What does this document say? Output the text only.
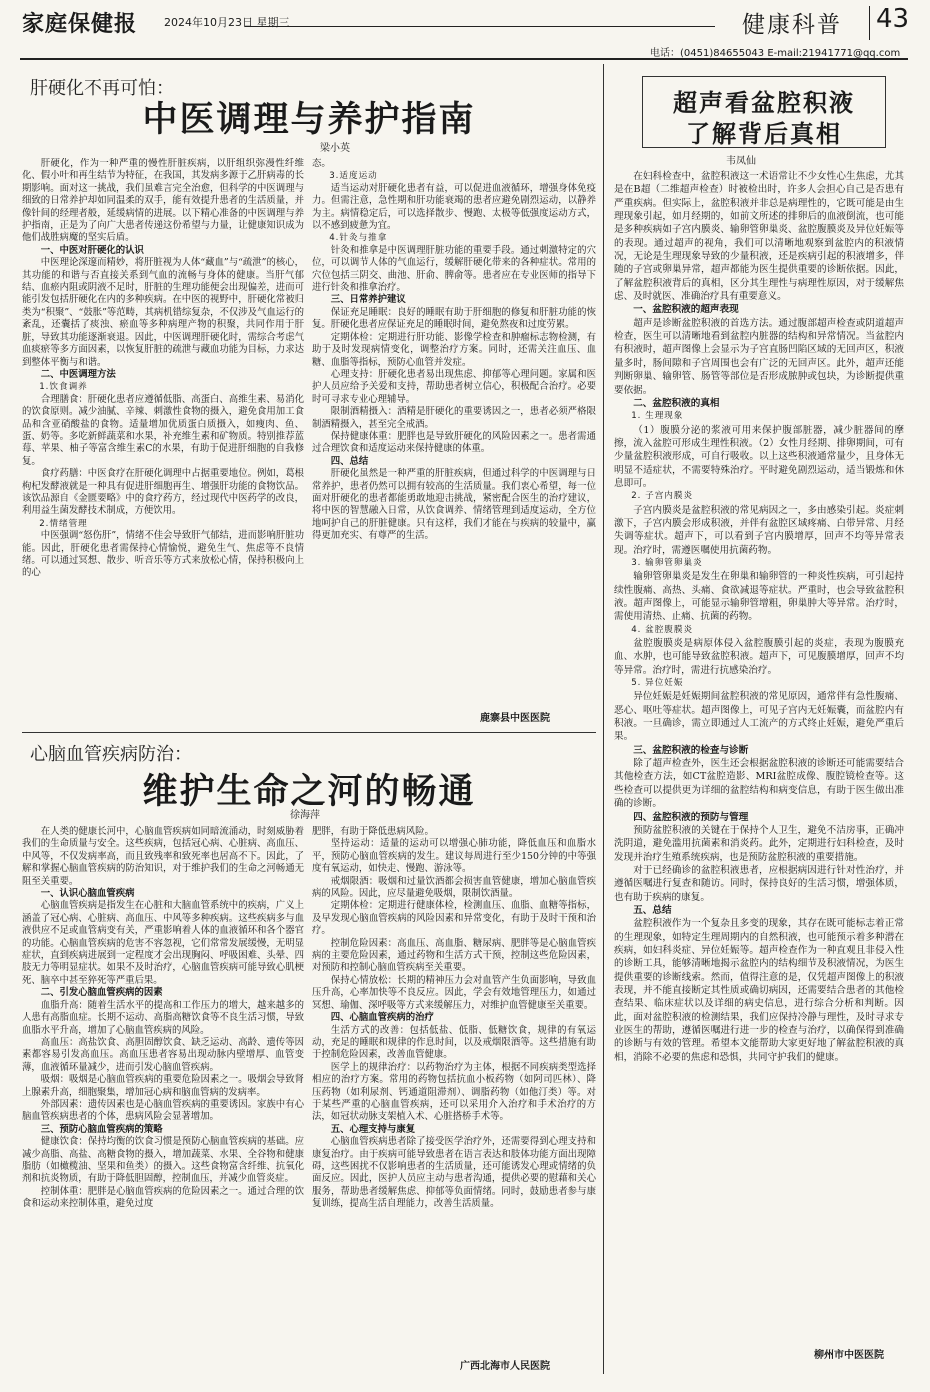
家庭保健报 2024年10月23日 星期三	健康科普 43
电话：(0451)84655043 E-mail:21941771@qq.com
肝硬化不再可怕：
中医调理与养护指南
梁小英

肝硬化，作为一种严重的慢性肝脏疾病，以肝组织弥漫性纤维化、假小叶和再生结节为特征，在我国，其发病多源于乙肝病毒的长期影响。面对这一挑战，我们虽难言完全治愈，但科学的中医调理与细致的日常养护却如同温柔的双手，能有效提升患者的生活质量，并像针间的经理者般，延缓病情的进展。以下精心准备的中医调理与养护指南，正是为了向广大患者传递这份希望与力量，让健康知识成为他们战胜病魔的坚实后盾。

一、中医对肝硬化的认识

中医理论深邃而精妙，将肝脏视为人体“藏血”与“疏泄”的核心，其功能的和谐与否直接关系到气血的流畅与身体的健康。当肝气郁结、血瘀内阻或阴液不足时，肝脏的生理功能便会出现偏差，进而可能引发包括肝硬化在内的多种疾病。在中医的视野中，肝硬化常被归类为“积聚”、“鼓胀”等范畴，其病机错综复杂，不仅涉及气血运行的紊乱，还囊括了痰浊、瘀血等多种病理产物的积聚，共同作用于肝脏，导致其功能逐渐衰退。因此，中医调理肝硬化时，需综合考虑气血痰瘀等多方面因素，以恢复肝脏的疏泄与藏血功能为目标，力求达到整体平衡与和谐。

二、中医调理方法

1.饮食调养

合理膳食：肝硬化患者应遵循低脂、高蛋白、高维生素、易消化的饮食原则。减少油腻、辛辣、刺激性食物的摄入，避免食用加工食品和含亚硝酸盐的食物。适量增加优质蛋白质摄入，如瘦肉、鱼、蛋、奶等。多吃新鲜蔬菜和水果，补充维生素和矿物质。特别推荐蓝莓、苹果、柚子等富含维生素C的水果，有助于促进肝细胞的自我修复。

食疗药膳：中医食疗在肝硬化调理中占据重要地位。例如，葛根枸杞发酵液就是一种具有促进肝细胞再生、增强肝功能的食物饮品。该饮品源自《金匮要略》中的食疗药方，经过现代中医药学的改良，利用益生菌发酵技术制成，方便饮用。

2.情绪管理

中医强调“怒伤肝”，情绪不佳会导致肝气郁结，进而影响肝脏功能。因此，肝硬化患者需保持心情愉悦，避免生气、焦虑等不良情绪。可以通过冥想、散步、听音乐等方式来放松心情，保持积极向上的心

态。

3.适度运动

适当运动对肝硬化患者有益，可以促进血液循环，增强身体免疫力。但需注意，急性期和肝功能衰竭的患者应避免剧烈运动，以静养为主。病情稳定后，可以选择散步、慢跑、太极等低强度运动方式，以不感到疲惫为宜。

4.针灸与推拿

针灸和推拿是中医调理肝脏功能的重要手段。通过刺激特定的穴位，可以调节人体的气血运行，缓解肝硬化带来的各种症状。常用的穴位包括三阴交、曲池、肝俞、脾俞等。患者应在专业医师的指导下进行针灸和推拿治疗。

三、日常养护建议

保证充足睡眠：良好的睡眠有助于肝细胞的修复和肝脏功能的恢复。肝硬化患者应保证充足的睡眠时间，避免熬夜和过度劳累。

定期体检：定期进行肝功能、影像学检查和肿瘤标志物检测，有助于及时发现病情变化，调整治疗方案。同时，还需关注血压、血糖、血脂等指标，预防心血管并发症。

心理支持：肝硬化患者易出现焦虑、抑郁等心理问题。家属和医护人员应给予关爱和支持，帮助患者树立信心，积极配合治疗。必要时可寻求专业心理辅导。

限制酒精摄入：酒精是肝硬化的重要诱因之一，患者必须严格限制酒精摄入，甚至完全戒酒。

保持健康体重：肥胖也是导致肝硬化的风险因素之一。患者需通过合理饮食和适度运动来保持健康的体重。

四、总结

肝硬化虽然是一种严重的肝脏疾病，但通过科学的中医调理与日常养护，患者仍然可以拥有较高的生活质量。我们衷心希望，每一位面对肝硬化的患者都能勇敢地迎击挑战，紧密配合医生的治疗建议，将中医的智慧融入日常，从饮食调养、情绪管理到适度运动，全方位地呵护自己的肝脏健康。只有这样，我们才能在与疾病的较量中，赢得更加充实、有尊严的生活。

鹿寨县中医医院
心脑血管疾病防治：
维护生命之河的畅通
徐海萍

在人类的健康长河中，心脑血管疾病如同暗流涌动，时刻威胁着我们的生命质量与安全。这些疾病，包括冠心病、心脏病、高血压、中风等，不仅发病率高，而且致残率和致死率也居高不下。因此，了解和掌握心脑血管疾病的防治知识，对于维护我们的生命之河畅通无阻至关重要。

一、认识心脑血管疾病

心脑血管疾病是指发生在心脏和大脑血管系统中的疾病，广义上涵盖了冠心病、心脏病、高血压、中风等多种疾病。这些疾病多与血液供应不足或血管病变有关，严重影响着人体的血液循环和各个器官的功能。心脑血管疾病的危害不容忽视，它们常常发展缓慢，无明显症状，直到疾病进展到一定程度才会出现胸闷、呼吸困难、头晕、四肢无力等明显症状。如果不及时治疗，心脑血管疾病可能导致心肌梗死、脑卒中甚至猝死等严重后果。

二、引发心脑血管疾病的因素

血脂升高：随着生活水平的提高和工作压力的增大，越来越多的人患有高脂血症。长期不运动、高脂高糖饮食等不良生活习惯，导致血脂水平升高，增加了心脑血管疾病的风险。

高血压：高盐饮食、高胆固醇饮食、缺乏运动、高龄、遗传等因素都容易引发高血压。高血压患者容易出现动脉内壁增厚、血管变薄，血液循环量减少，进而引发心脑血管疾病。

吸烟：吸烟是心脑血管疾病的重要危险因素之一。吸烟会导致肾上腺素升高，细胞聚集，增加冠心病和脑血管病的发病率。

外部因素：遗传因素也是心脑血管疾病的重要诱因。家族中有心脑血管疾病患者的个体，患病风险会显著增加。

三、预防心脑血管疾病的策略

健康饮食：保持均衡的饮食习惯是预防心脑血管疾病的基础。应减少高脂、高盐、高糖食物的摄入，增加蔬菜、水果、全谷物和健康脂肪（如橄榄油、坚果和鱼类）的摄入。这些食物富含纤维、抗氧化剂和抗炎物质，有助于降低胆固醇，控制血压，并减少血管炎症。

控制体重：肥胖是心脑血管疾病的危险因素之一。通过合理的饮食和运动来控制体重，避免过度

肥胖，有助于降低患病风险。

坚持运动：适量的运动可以增强心肺功能，降低血压和血脂水平，预防心脑血管疾病的发生。建议每周进行至少150分钟的中等强度有氧运动，如快走、慢跑、游泳等。

戒烟限酒：吸烟和过量饮酒都会损害血管健康，增加心脑血管疾病的风险。因此，应尽量避免吸烟，限制饮酒量。

定期体检：定期进行健康体检，检测血压、血脂、血糖等指标，及早发现心脑血管疾病的风险因素和异常变化，有助于及时干预和治疗。

控制危险因素：高血压、高血脂、糖尿病、肥胖等是心脑血管疾病的主要危险因素，通过药物和生活方式干预，控制这些危险因素，对预防和控制心脑血管疾病至关重要。

保持心情放松：长期的精神压力会对血管产生负面影响，导致血压升高，心率加快等不良反应。因此，学会有效地管理压力，如通过冥想、瑜伽、深呼吸等方式来缓解压力，对维护血管健康至关重要。

四、心脑血管疾病的治疗

生活方式的改善：包括低盐、低脂、低糖饮食，规律的有氧运动，充足的睡眠和规律的作息时间，以及戒烟限酒等。这些措施有助于控制危险因素，改善血管健康。

医学上的规律治疗：以药物治疗为主体，根据不同疾病类型选择相应的治疗方案。常用的药物包括抗血小板药物（如阿司匹林）、降压药物（如利尿剂、钙通道阻滞剂）、调脂药物（如他汀类）等。对于某些严重的心脑血管疾病，还可以采用介入治疗和手术治疗的方法，如冠状动脉支架植入术、心脏搭桥手术等。

五、心理支持与康复

心脑血管疾病患者除了接受医学治疗外，还需要得到心理支持和康复治疗。由于疾病可能导致患者在语言表达和肢体功能方面出现障碍，这些困扰不仅影响患者的生活质量，还可能诱发心理或情绪的负面反应。因此，医护人员应主动与患者沟通，提供必要的慰藉和关心服务，帮助患者缓解焦虑、抑郁等负面情绪。同时，鼓励患者参与康复训练，提高生活自理能力，改善生活质量。

广西北海市人民医院
超声看盆腔积液
了解背后真相
韦凤仙

在妇科检查中，盆腔积液这一术语常让不少女性心生焦虑，尤其是在B超（二维超声检查）时被检出时，许多人会担心自己是否患有严重疾病。但实际上，盆腔积液并非总是病理性的，它既可能是由生理现象引起，如月经期的，如前文所述的排卵后的血液倒流，也可能是多种疾病如子宫内膜炎、输卵管卵巢炎、盆腔腹膜炎及异位妊娠等的表现。通过超声的视角，我们可以清晰地观察到盆腔内的积液情况，无论是生理现象导致的少量积液，还是疾病引起的积液增多，伴随的子宫或卵巢异常，超声都能为医生提供重要的诊断依据。因此，了解盆腔积液背后的真相，区分其生理性与病理性原因，对于缓解焦虑、及时就医、准确治疗具有重要意义。

一、盆腔积液的超声表现

超声是诊断盆腔积液的首选方法。通过腹部超声检查或阴道超声检查，医生可以清晰地看到盆腔内脏器的结构和异常情况。当盆腔内有积液时，超声图像上会显示为子宫直肠凹陷区域的无回声区，积液量多时，肠间隙和子宫周围也会有广泛的无回声区。此外，超声还能判断卵巢、输卵管、肠管等部位是否形成脓肿或包块，为诊断提供重要依据。

二、盆腔积液的真相

1. 生理现象

（1）腹膜分泌的浆液可用来保护腹部脏器，减少脏器间的摩擦，流入盆腔可形成生理性积液。（2）女性月经期、排卵期间，可有少量盆腔积液形成，可自行吸收。以上这些积液通常量少，且身体无明显不适症状，不需要特殊治疗。平时避免剧烈运动，适当锻炼和休息即可。

2. 子宫内膜炎

子宫内膜炎是盆腔积液的常见病因之一，多由感染引起。炎症刺激下，子宫内膜会形成积液，并伴有盆腔区域疼痛、白带异常、月经失调等症状。超声下，可以看到子宫内膜增厚，回声不均等异常表现。治疗时，需遵医嘱使用抗菌药物。

3. 输卵管卵巢炎

输卵管卵巢炎是发生在卵巢和输卵管的一种炎性疾病，可引起持续性腹痛、高热、头痛、食欲减退等症状。严重时，也会导致盆腔积液。超声图像上，可能显示输卵管增粗，卵巢肿大等异常。治疗时，需使用清热、止痛、抗菌的药物。

4. 盆腔腹膜炎

盆腔腹膜炎是病原体侵入盆腔腹膜引起的炎症，表现为腹膜充血、水肿，也可能导致盆腔积液。超声下，可见腹膜增厚，回声不均等异常。治疗时，需进行抗感染治疗。

5. 异位妊娠

异位妊娠是妊娠期间盆腔积液的常见原因，通常伴有急性腹痛、恶心、呕吐等症状。超声图像上，可见子宫内无妊娠囊，而盆腔内有积液。一旦确诊，需立即通过人工流产的方式终止妊娠，避免严重后果。

三、盆腔积液的检查与诊断

除了超声检查外，医生还会根据盆腔积液的诊断还可能需要结合其他检查方法，如CT盆腔造影、MRI盆腔成像、腹腔镜检查等。这些检查可以提供更为详细的盆腔结构和病变信息，有助于医生做出准确的诊断。

四、盆腔积液的预防与管理

预防盆腔积液的关键在于保持个人卫生，避免不洁房事，正确冲洗阴道，避免滥用抗菌素和消炎药。此外，定期进行妇科检查，及时发现并治疗生殖系统疾病，也是预防盆腔积液的重要措施。

对于已经确诊的盆腔积液患者，应根据病因进行针对性治疗，并遵循医嘱进行复查和随访。同时，保持良好的生活习惯，增强体质，也有助于疾病的康复。

五、总结

盆腔积液作为一个复杂且多变的现象，其存在既可能标志着正常的生理现象，如特定生理周期内的自然积液，也可能预示着多种潜在疾病，如妇科炎症、异位妊娠等。超声检查作为一种直观且非侵入性的诊断工具，能够清晰地揭示盆腔内的结构细节及积液情况，为医生提供重要的诊断线索。然而，值得注意的是，仅凭超声图像上的积液表现，并不能直接断定其性质或确切病因，还需要结合患者的其他检查结果、临床症状以及详细的病史信息，进行综合分析和判断。因此，面对盆腔积液的检测结果，我们应保持冷静与理性，及时寻求专业医生的帮助，遵循医嘱进行进一步的检查与治疗，以确保得到准确的诊断与有效的管理。希望本文能帮助大家更好地了解盆腔积液的真相，消除不必要的焦虑和恐惧，共同守护我们的健康。

柳州市中医医院
